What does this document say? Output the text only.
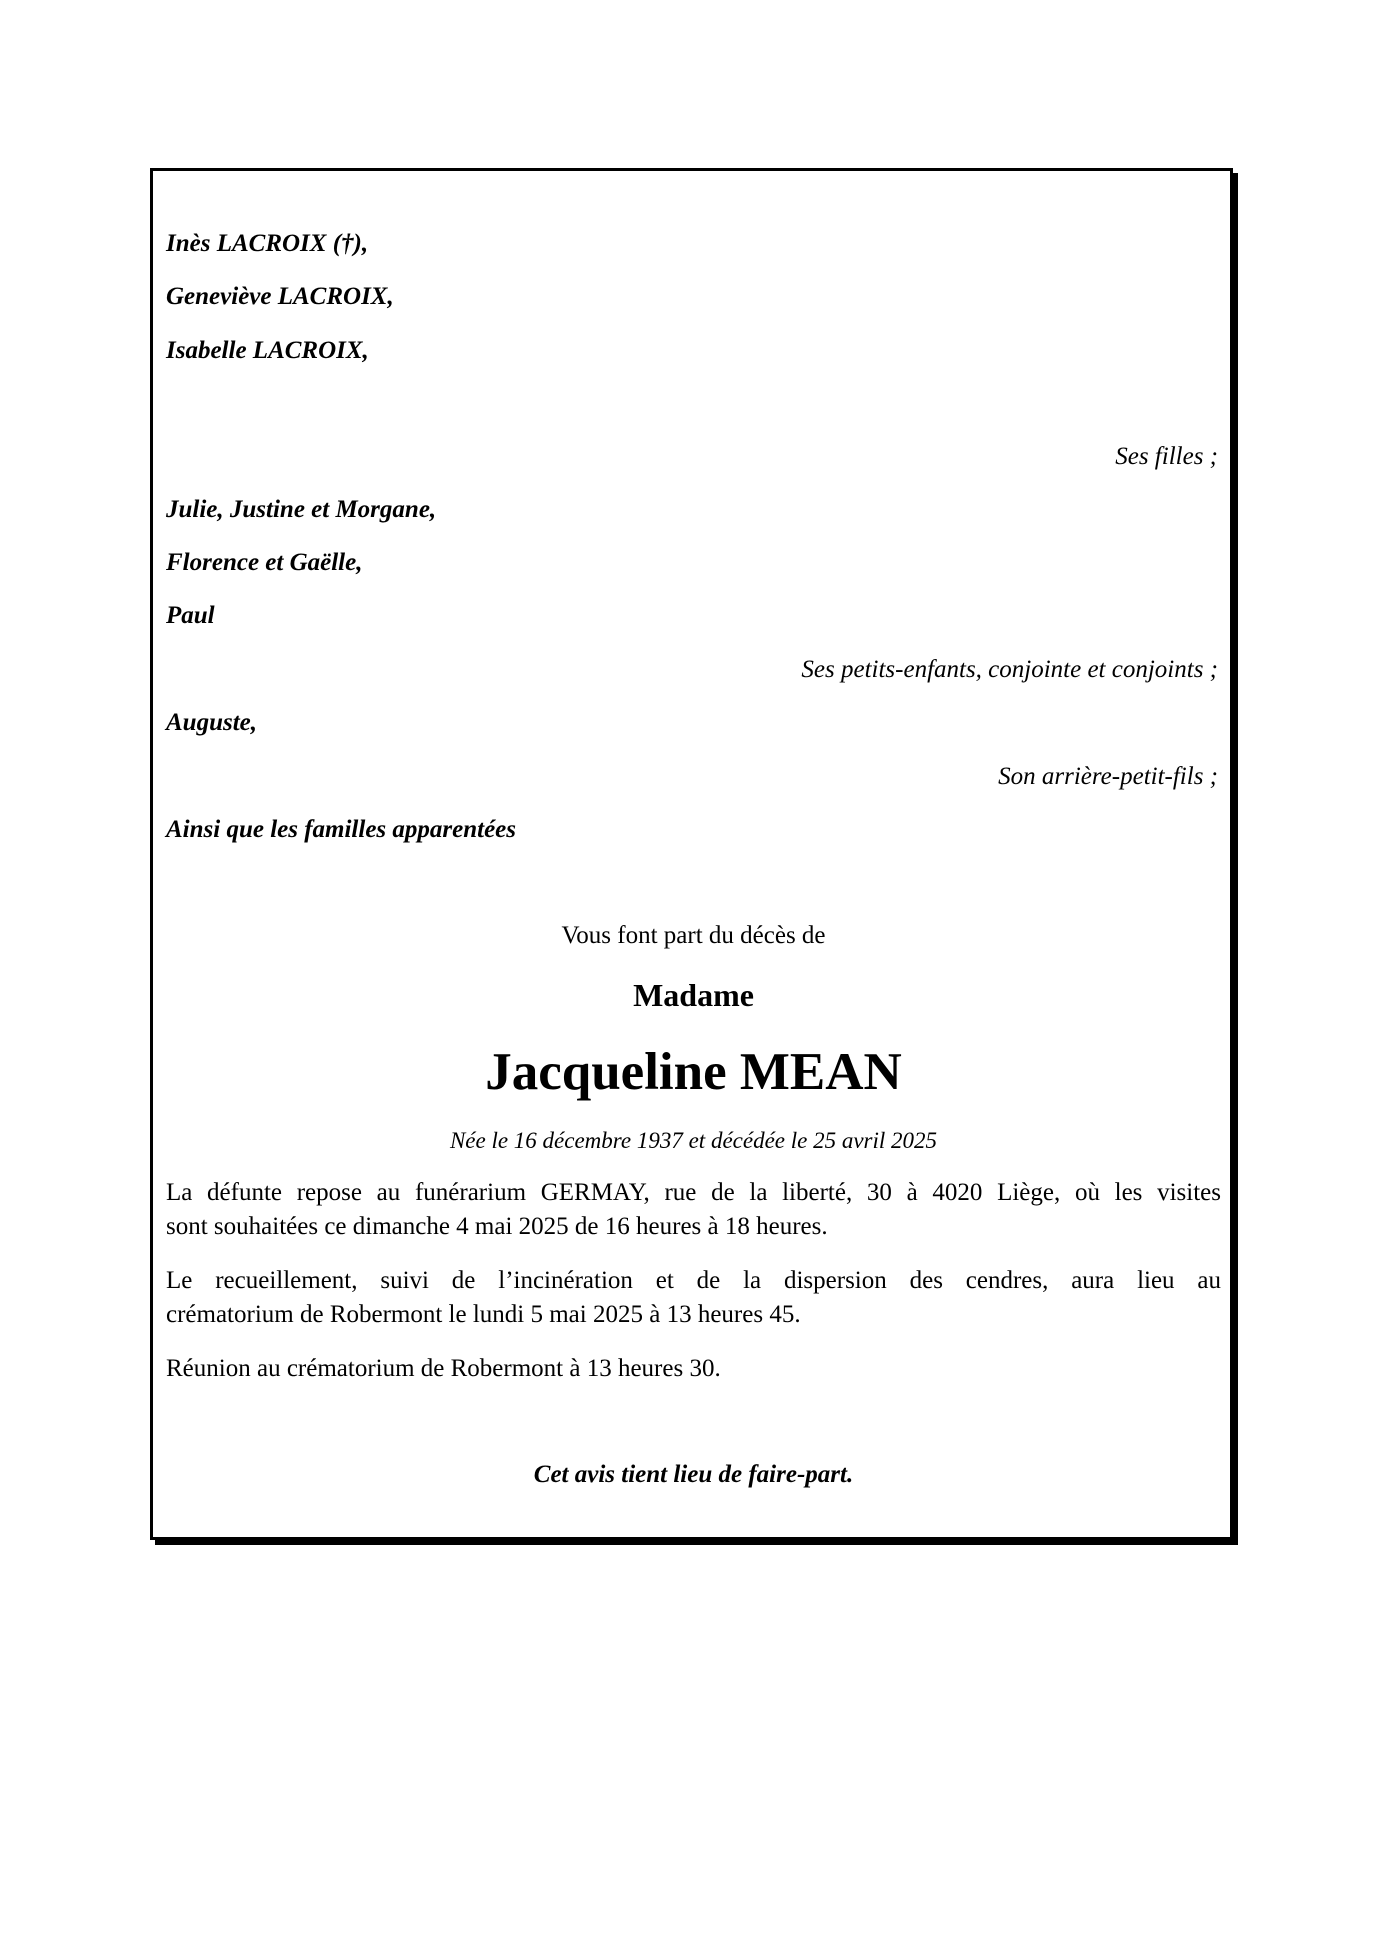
Inès LACROIX (†),
Geneviève LACROIX,
Isabelle LACROIX,
Ses filles ;
Julie, Justine et Morgane,
Florence et Gaëlle,
Paul
Ses petits-enfants, conjointe et conjoints ;
Auguste,
Son arrière-petit-fils ;
Ainsi que les familles apparentées
Vous font part du décès de
Madame
Jacqueline MEAN
Née le 16 décembre 1937 et décédée le 25 avril 2025
La défunte repose au funérarium GERMAY, rue de la liberté, 30 à 4020 Liège, où les visites
sont souhaitées ce dimanche 4 mai 2025 de 16 heures à 18 heures.
Le recueillement, suivi de l’incinération et de la dispersion des cendres, aura lieu au
crématorium de Robermont le lundi 5 mai 2025 à 13 heures 45.
Réunion au crématorium de Robermont à 13 heures 30.
Cet avis tient lieu de faire-part.
